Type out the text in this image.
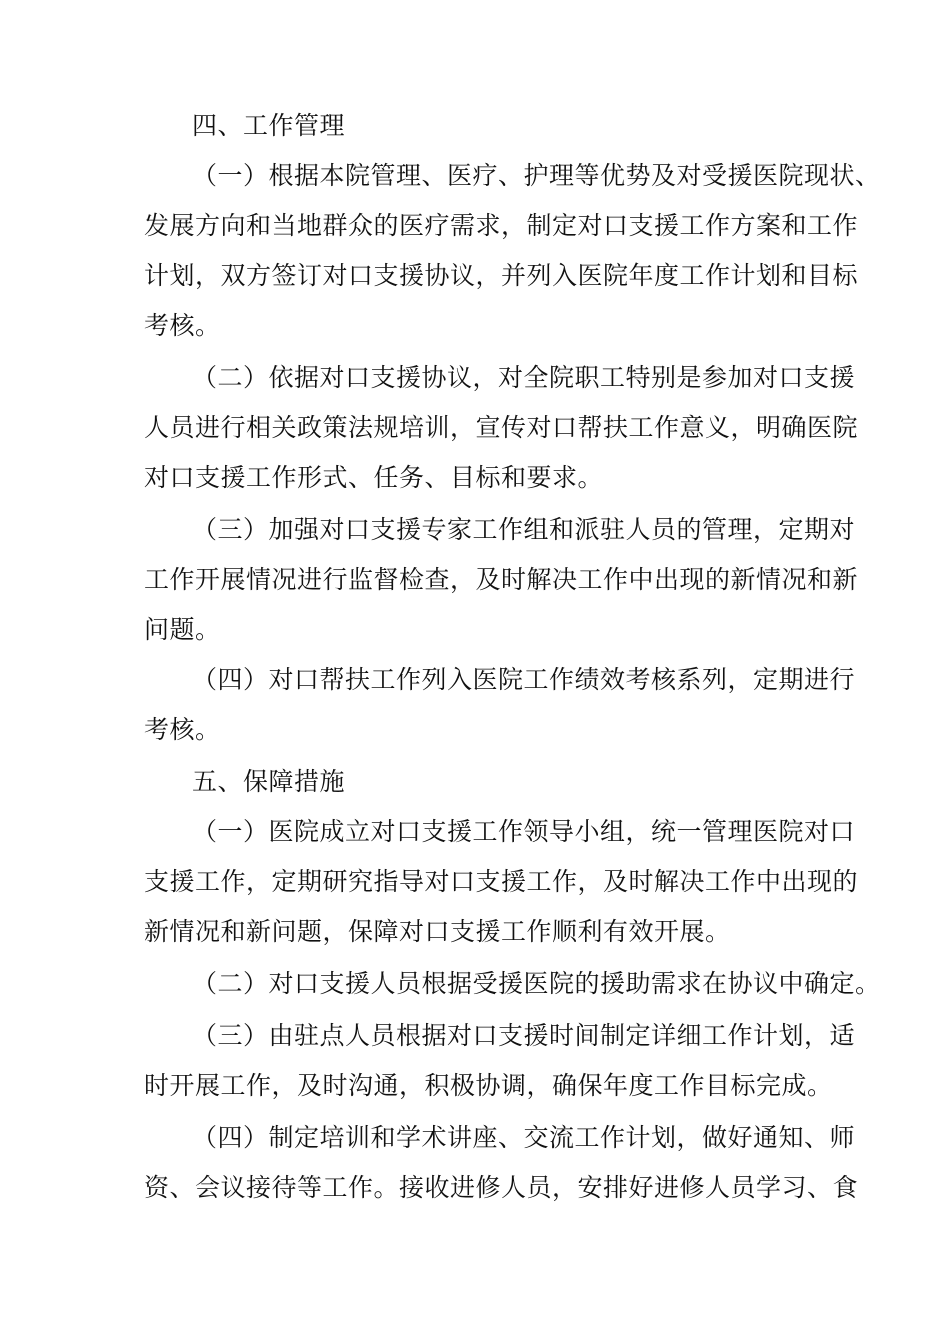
四、工作管理
（一）根据本院管理、医疗、护理等优势及对受援医院现状、
发展方向和当地群众的医疗需求，制定对口支援工作方案和工作
计划，双方签订对口支援协议，并列入医院年度工作计划和目标
考核。
（二）依据对口支援协议，对全院职工特别是参加对口支援
人员进行相关政策法规培训，宣传对口帮扶工作意义，明确医院
对口支援工作形式、任务、目标和要求。
（三）加强对口支援专家工作组和派驻人员的管理，定期对
工作开展情况进行监督检查，及时解决工作中出现的新情况和新
问题。
（四）对口帮扶工作列入医院工作绩效考核系列，定期进行
考核。
五、保障措施
（一）医院成立对口支援工作领导小组，统一管理医院对口
支援工作，定期研究指导对口支援工作，及时解决工作中出现的
新情况和新问题，保障对口支援工作顺利有效开展。
（二）对口支援人员根据受援医院的援助需求在协议中确定。
（三）由驻点人员根据对口支援时间制定详细工作计划，适
时开展工作，及时沟通，积极协调，确保年度工作目标完成。
（四）制定培训和学术讲座、交流工作计划，做好通知、师
资、会议接待等工作。接收进修人员，安排好进修人员学习、食
